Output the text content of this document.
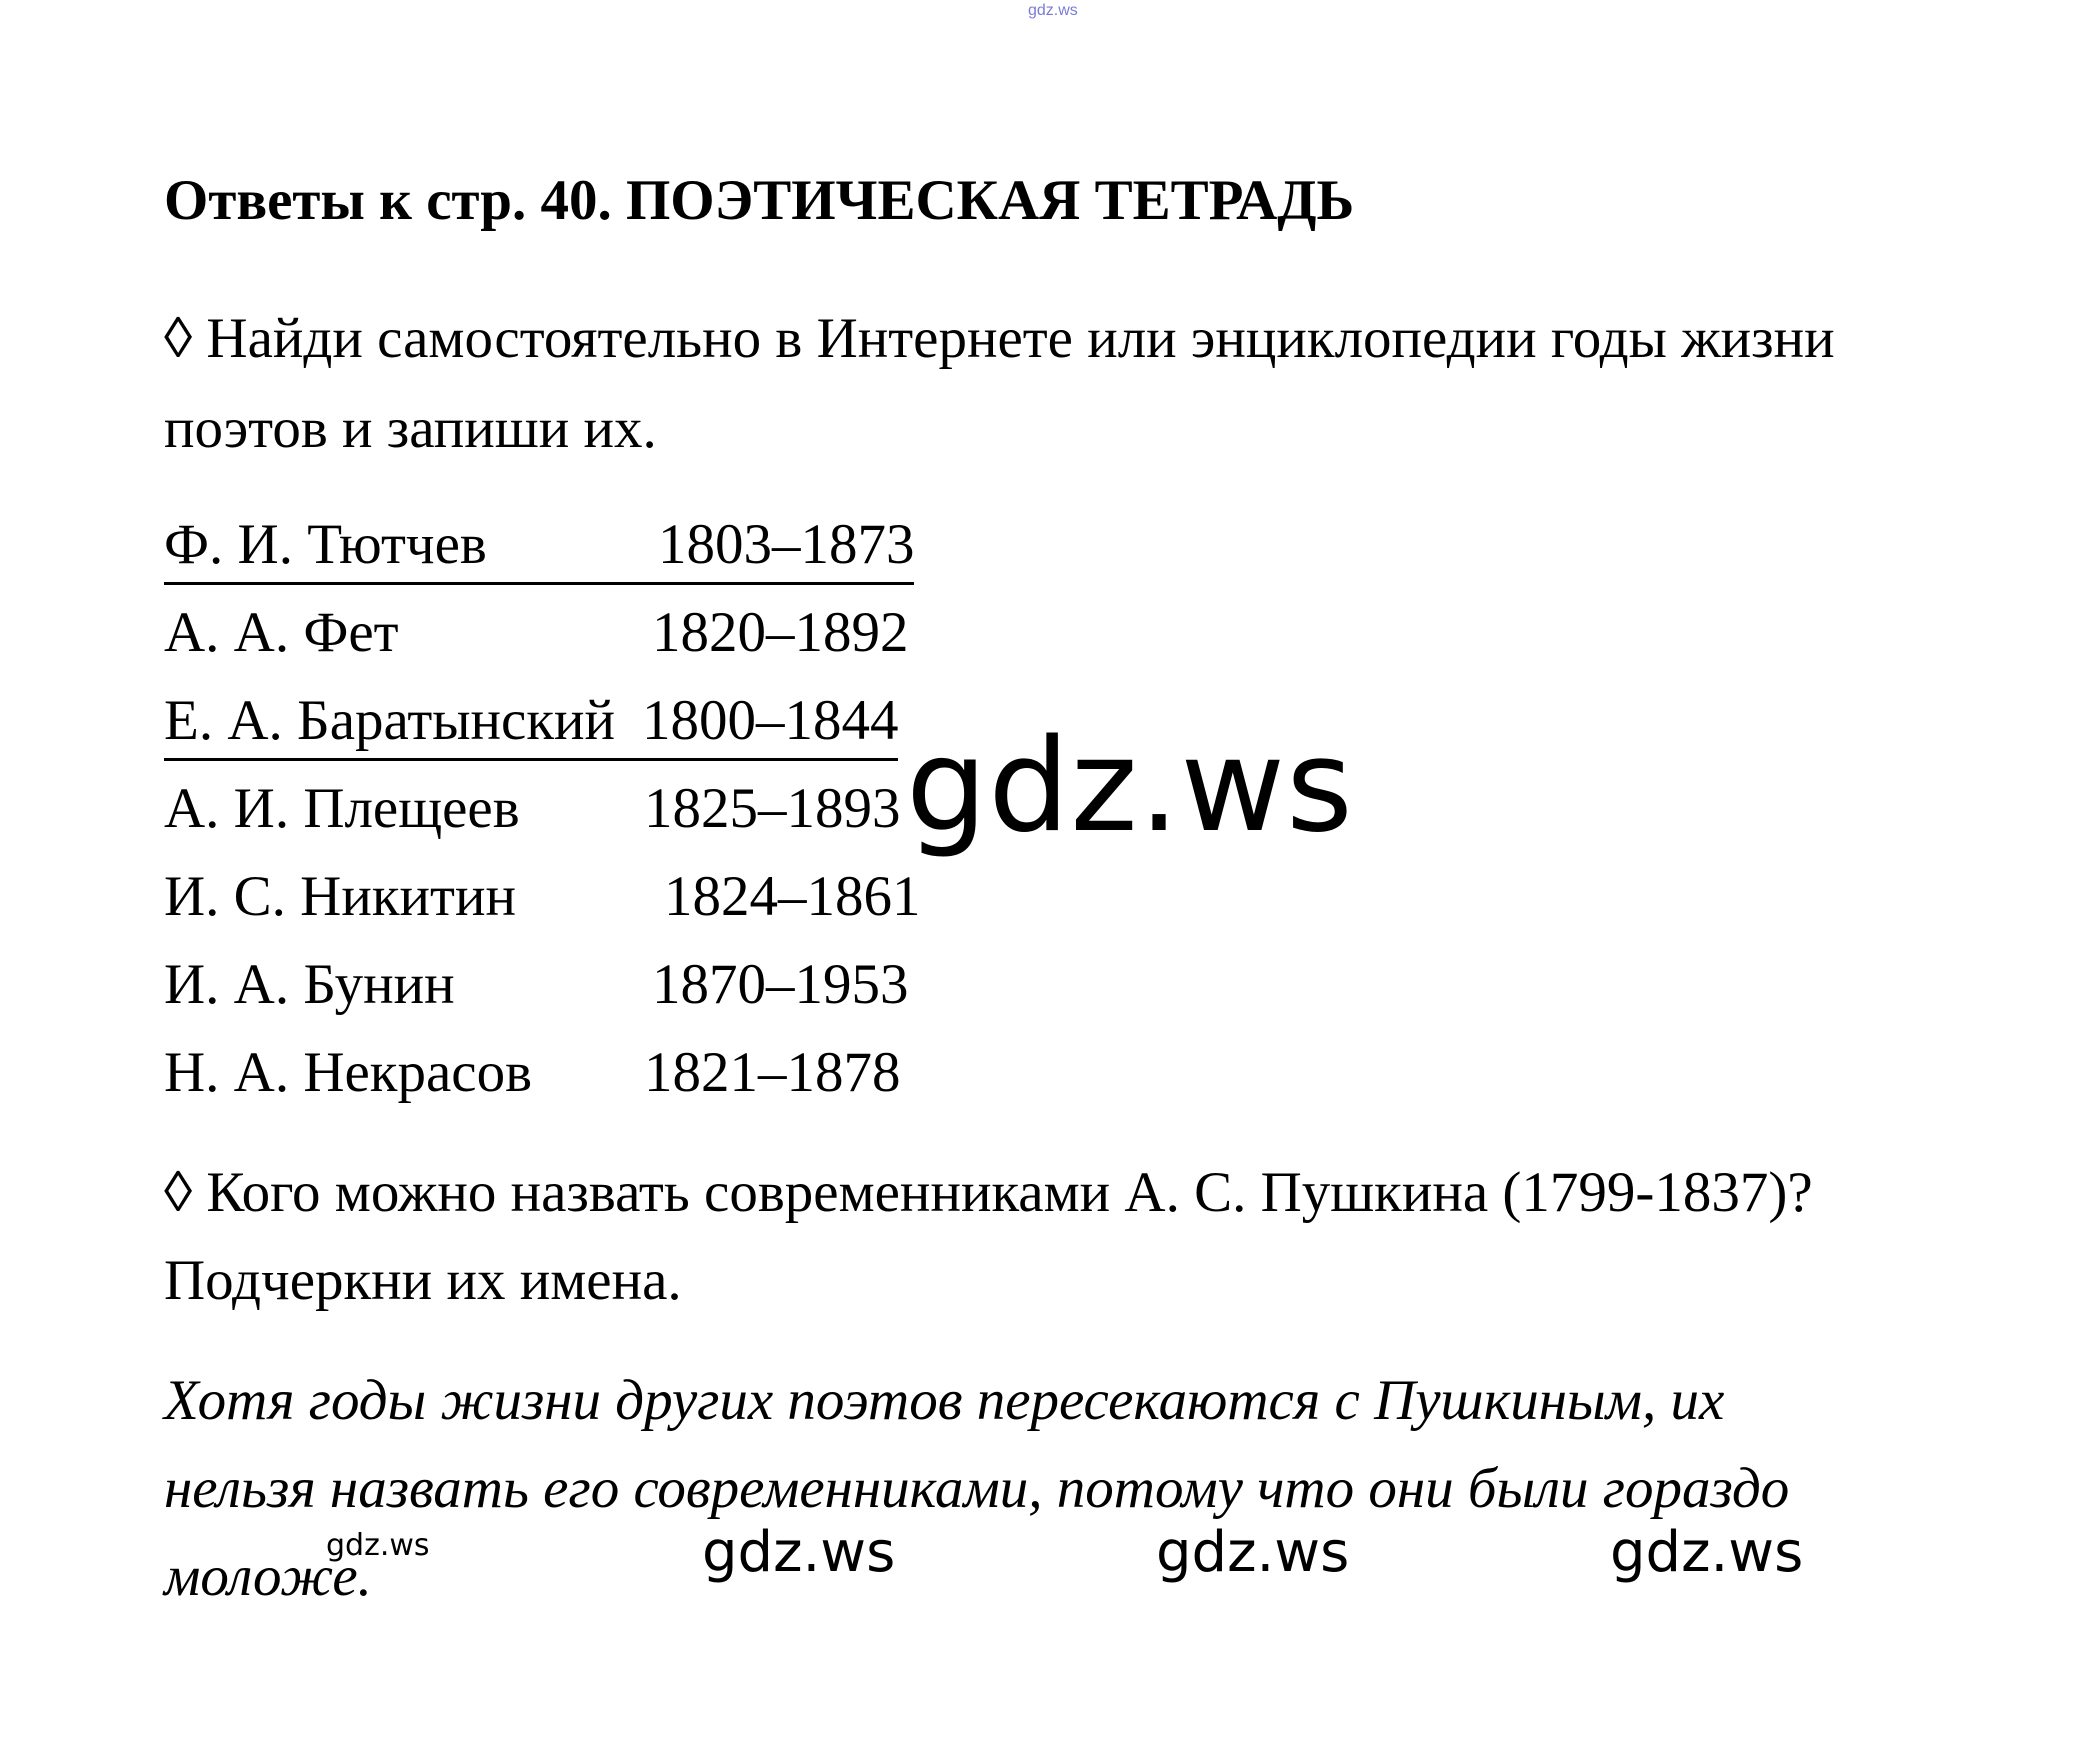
gdz.ws
Ответы к стр. 40. ПОЭТИЧЕСКАЯ ТЕТРАДЬ
◊ Найди самостоятельно в Интернете или энциклопедии годы жизни
поэтов и запиши их.
Ф. И. Тютчев	1803–1873
А. А. Фет	1820–1892
Е. А. Баратынский 1800–1844
А. И. Плещеев 1825–1893
И. С. Никитин	1824–1861
И. А. Бунин	1870–1953
Н. А. Некрасов 1821–1878
◊ Кого можно назвать современниками А. С. Пушкина (1799-1837)?
Подчеркни их имена.
Хотя годы жизни других поэтов пересекаются с Пушкиным, их
нельзя назвать его современниками, потому что они были гораздо
моложе.
gdz.ws
gdz.ws	gdz.ws	gdz.ws	gdz.ws
